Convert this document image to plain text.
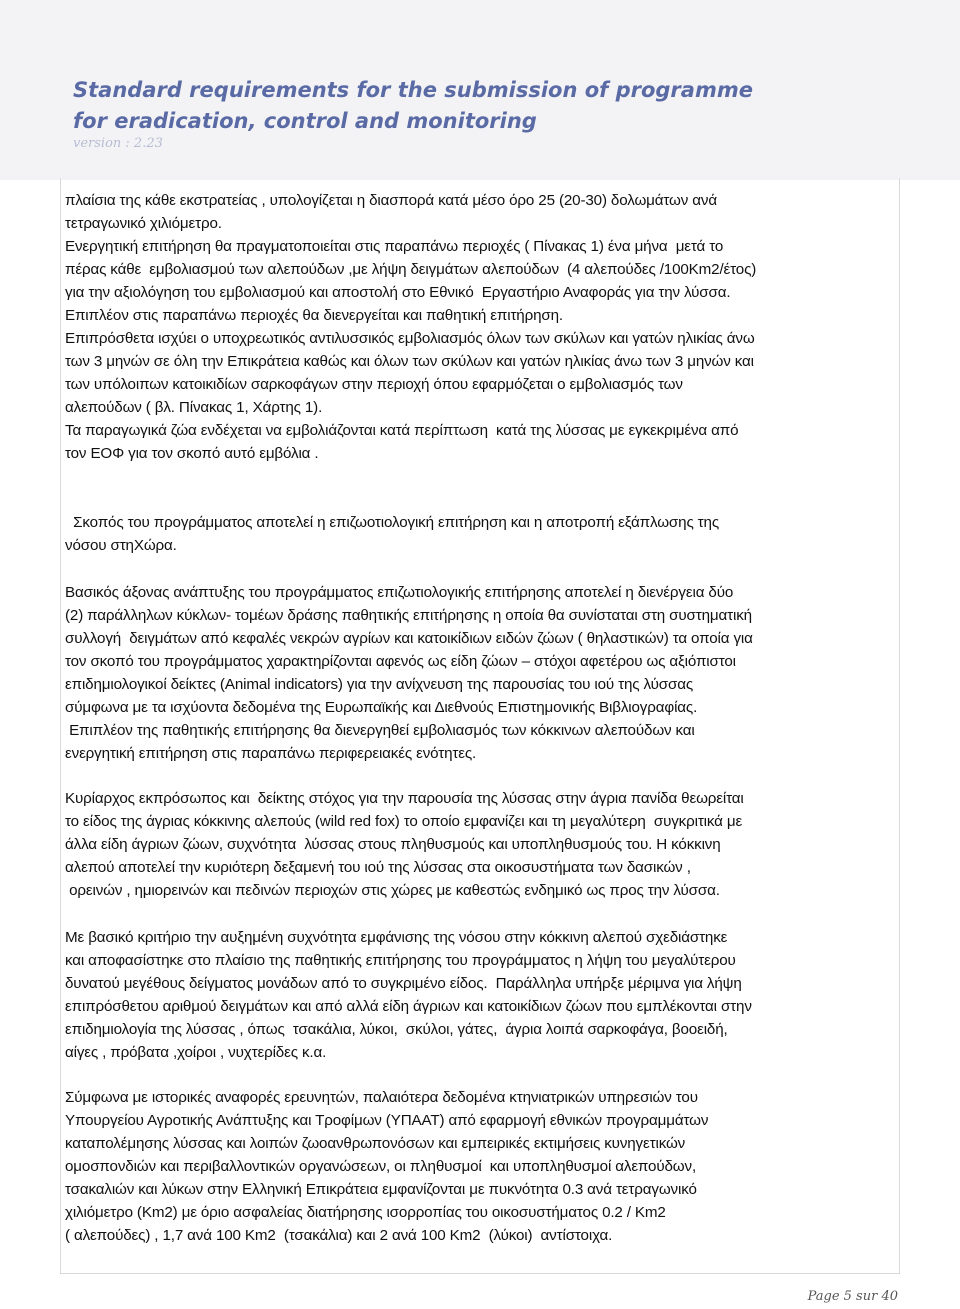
Standard requirements for the submission of programme
for eradication, control and monitoring
version : 2.23

πλαίσια της κάθε εκστρατείας , υπολογίζεται η διασπορά κατά μέσο όρο 25 (20-30) δολωμάτων ανά

τετραγωνικό χιλιόμετρο.

Ενεργητική επιτήρηση θα πραγματοποιείται στις παραπάνω περιοχές ( Πίνακας 1) ένα μήνα  μετά το

πέρας κάθε  εμβολιασμού των αλεπούδων ,με λήψη δειγμάτων αλεπούδων  (4 αλεπούδες /100Km2/έτος)

για την αξιολόγηση του εμβολιασμού και αποστολή στο Εθνικό  Εργαστήριο Αναφοράς για την λύσσα.

Επιπλέον στις παραπάνω περιοχές θα διενεργείται και παθητική επιτήρηση.

Επιπρόσθετα ισχύει ο υποχρεωτικός αντιλυσσικός εμβολιασμός όλων των σκύλων και γατών ηλικίας άνω

των 3 μηνών σε όλη την Επικράτεια καθώς και όλων των σκύλων και γατών ηλικίας άνω των 3 μηνών και

των υπόλοιπων κατοικιδίων σαρκοφάγων στην περιοχή όπου εφαρμόζεται ο εμβολιασμός των

αλεπούδων ( βλ. Πίνακας 1, Χάρτης 1).

Τα παραγωγικά ζώα ενδέχεται να εμβολιάζονται κατά περίπτωση  κατά της λύσσας με εγκεκριμένα από

τον ΕΟΦ για τον σκοπό αυτό εμβόλια .

Σκοπός του προγράμματος αποτελεί η επιζωοτιολογική επιτήρηση και η αποτροπή εξάπλωσης της

νόσου στηΧώρα.

Βασικός άξονας ανάπτυξης του προγράμματος επιζωτιολογικής επιτήρησης αποτελεί η διενέργεια δύο

(2) παράλληλων κύκλων- τομέων δράσης παθητικής επιτήρησης η οποία θα συνίσταται στη συστηματική

συλλογή  δειγμάτων από κεφαλές νεκρών αγρίων και κατοικίδιων ειδών ζώων ( θηλαστικών) τα οποία για

τον σκοπό του προγράμματος χαρακτηρίζονται αφενός ως είδη ζώων – στόχοι αφετέρου ως αξιόπιστοι

επιδημιολογικοί δείκτες (Animal indicators) για την ανίχνευση της παρουσίας του ιού της λύσσας

σύμφωνα με τα ισχύοντα δεδομένα της Ευρωπαϊκής και Διεθνούς Επιστημονικής Βιβλιογραφίας.

Επιπλέον της παθητικής επιτήρησης θα διενεργηθεί εμβολιασμός των κόκκινων αλεπούδων και

ενεργητική επιτήρηση στις παραπάνω περιφερειακές ενότητες.

Κυρίαρχος εκπρόσωπος και  δείκτης στόχος για την παρουσία της λύσσας στην άγρια πανίδα θεωρείται

το είδος της άγριας κόκκινης αλεπούς (wild red fox) το οποίο εμφανίζει και τη μεγαλύτερη  συγκριτικά με

άλλα είδη άγριων ζώων, συχνότητα  λύσσας στους πληθυσμούς και υποπληθυσμούς του. Η κόκκινη

αλεπού αποτελεί την κυριότερη δεξαμενή του ιού της λύσσας στα οικοσυστήματα των δασικών ,

ορεινών , ημιορεινών και πεδινών περιοχών στις χώρες με καθεστώς ενδημικό ως προς την λύσσα.

Με βασικό κριτήριο την αυξημένη συχνότητα εμφάνισης της νόσου στην κόκκινη αλεπού σχεδιάστηκε

και αποφασίστηκε στο πλαίσιο της παθητικής επιτήρησης του προγράμματος η λήψη του μεγαλύτερου

δυνατού μεγέθους δείγματος μονάδων από το συγκριμένο είδος.  Παράλληλα υπήρξε μέριμνα για λήψη

επιπρόσθετου αριθμού δειγμάτων και από αλλά είδη άγριων και κατοικίδιων ζώων που εμπλέκονται στην

επιδημιολογία της λύσσας , όπως  τσακάλια, λύκοι,  σκύλοι, γάτες,  άγρια λοιπά σαρκοφάγα, βοοειδή,

αίγες , πρόβατα ,χοίροι , νυχτερίδες κ.α.

Σύμφωνα με ιστορικές αναφορές ερευνητών, παλαιότερα δεδομένα κτηνιατρικών υπηρεσιών του

Υπουργείου Αγροτικής Ανάπτυξης και Τροφίμων (ΥΠΑΑΤ) από εφαρμογή εθνικών προγραμμάτων

καταπολέμησης λύσσας και λοιπών ζωοανθρωπονόσων και εμπειρικές εκτιμήσεις κυνηγετικών

ομοσπονδιών και περιβαλλοντικών οργανώσεων, οι πληθυσμοί  και υποπληθυσμοί αλεπούδων,

τσακαλιών και λύκων στην Ελληνική Επικράτεια εμφανίζονται με πυκνότητα 0.3 ανά τετραγωνικό

χιλιόμετρο (Km2) με όριο ασφαλείας διατήρησης ισορροπίας του οικοσυστήματος 0.2 / Km2

( αλεπούδες) , 1,7 ανά 100 Km2  (τσακάλια) και 2 ανά 100 Km2  (λύκοι)  αντίστοιχα.

Page 5 sur 40
